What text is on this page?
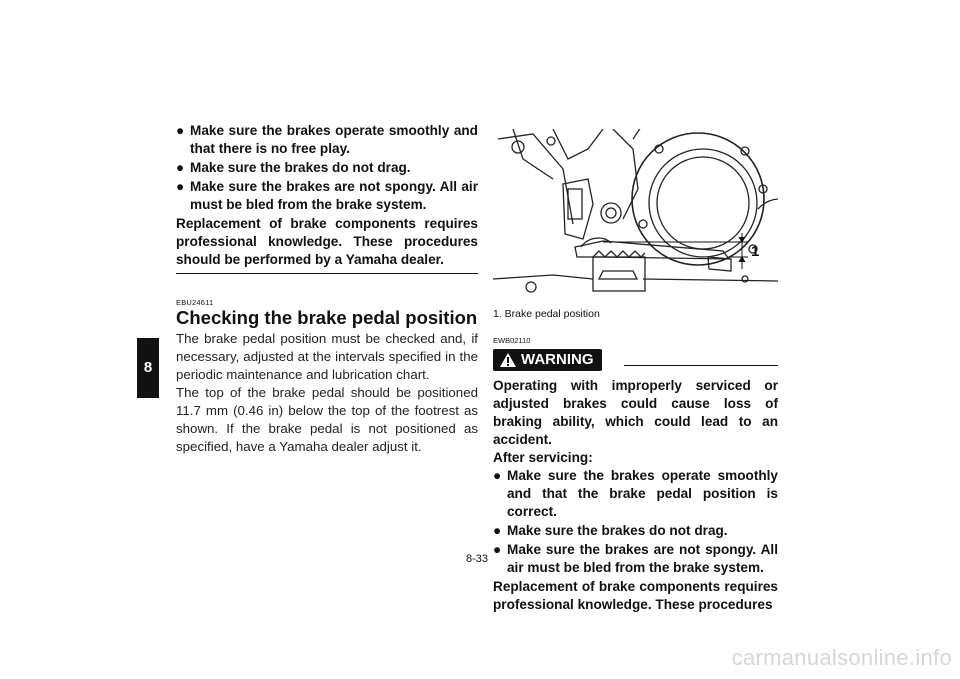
8
● Make sure the brakes operate smoothly and that there is no free play.
● Make sure the brakes do not drag.
● Make sure the brakes are not spongy. All air must be bled from the brake system.
Replacement of brake components requires professional knowledge. These procedures should be performed by a Yamaha dealer.
EBU24611
Checking the brake pedal position
The brake pedal position must be checked and, if necessary, adjusted at the intervals specified in the periodic maintenance and lubrication chart.
The top of the brake pedal should be positioned 11.7 mm (0.46 in) below the top of the footrest as shown. If the brake pedal is not positioned as specified, have a Yamaha dealer adjust it.
1
1. Brake pedal position
EWB02110
WARNING
Operating with improperly serviced or adjusted brakes could cause loss of braking ability, which could lead to an accident.
After servicing:
● Make sure the brakes operate smoothly and that the brake pedal position is correct.
● Make sure the brakes do not drag.
● Make sure the brakes are not spongy. All air must be bled from the brake system.
Replacement of brake components requires professional knowledge. These procedures
8-33
carmanualsonline.info
